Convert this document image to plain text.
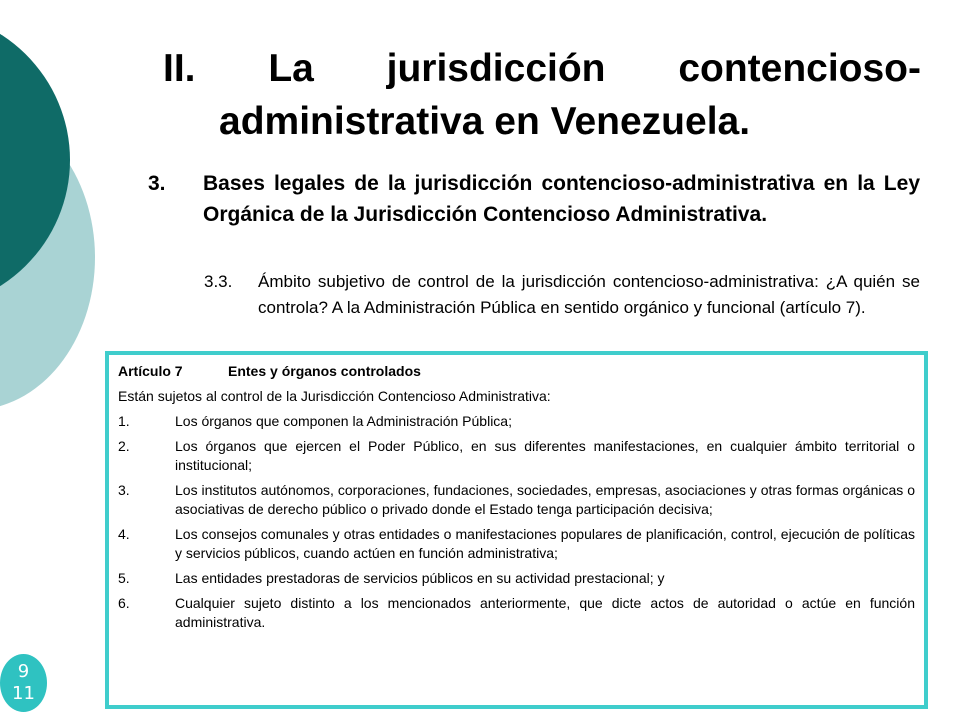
II. La jurisdicción contencioso-
administrativa en Venezuela.
3.	Bases legales de la jurisdicción contencioso-administrativa en la Ley Orgánica de la Jurisdicción Contencioso Administrativa.
3.3.	Ámbito subjetivo de control de la jurisdicción contencioso-administrativa: ¿A quién se controla? A la Administración Pública en sentido orgánico y funcional (artículo 7).
Artículo 7	Entes y órganos controlados
Están sujetos al control de la Jurisdicción Contencioso Administrativa:
1.	Los órganos que componen la Administración Pública;
2.	Los órganos que ejercen el Poder Público, en sus diferentes manifestaciones, en cualquier ámbito territorial o institucional;
3.	Los institutos autónomos, corporaciones, fundaciones, sociedades, empresas, asociaciones y otras formas orgánicas o asociativas de derecho público o privado donde el Estado tenga participación decisiva;
4.	Los consejos comunales y otras entidades o manifestaciones populares de planificación, control, ejecución de políticas y servicios públicos, cuando actúen en función administrativa;
5.	Las entidades prestadoras de servicios públicos en su actividad prestacional; y
6.	Cualquier sujeto distinto a los mencionados anteriormente, que dicte actos de autoridad o actúe en función administrativa.
9
11
